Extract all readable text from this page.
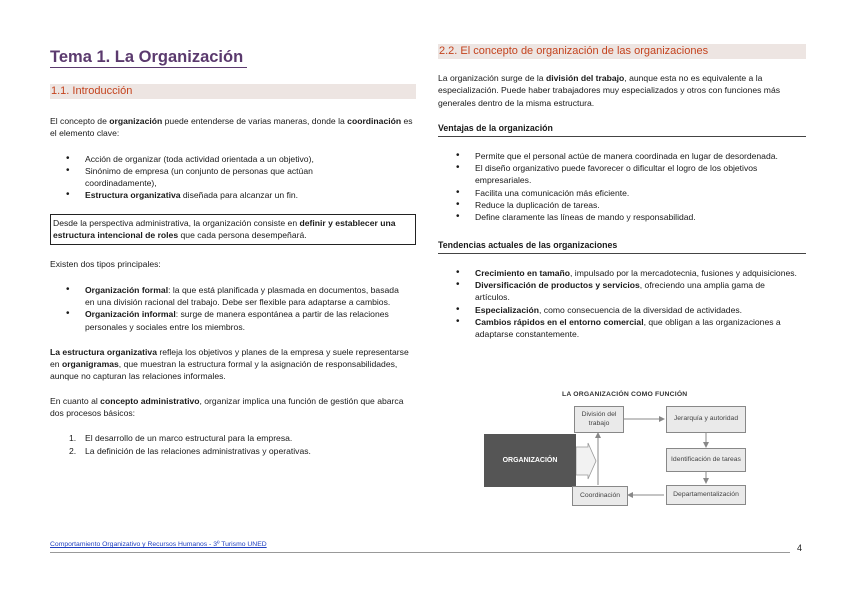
Tema 1. La Organización
1.1. Introducción

El concepto de organización puede entenderse de varias maneras, donde la coordinación es el elemento clave:

• Acción de organizar (toda actividad orientada a un objetivo),
• Sinónimo de empresa (un conjunto de personas que actúan coordinadamente),
• Estructura organizativa diseñada para alcanzar un fin.
Desde la perspectiva administrativa, la organización consiste en definir y establecer una estructura intencional de roles que cada persona desempeñará.

Existen dos tipos principales:

• Organización formal: la que está planificada y plasmada en documentos, basada en una división racional del trabajo. Debe ser flexible para adaptarse a cambios.
• Organización informal: surge de manera espontánea a partir de las relaciones personales y sociales entre los miembros.

La estructura organizativa refleja los objetivos y planes de la empresa y suele representarse en organigramas, que muestran la estructura formal y la asignación de responsabilidades, aunque no capturan las relaciones informales.

En cuanto al concepto administrativo, organizar implica una función de gestión que abarca dos procesos básicos:

1. El desarrollo de un marco estructural para la empresa.
2. La definición de las relaciones administrativas y operativas.
2.2. El concepto de organización de las organizaciones

La organización surge de la división del trabajo, aunque esta no es equivalente a la especialización. Puede haber trabajadores muy especializados y otros con funciones más generales dentro de la misma estructura.

Ventajas de la organización
• Permite que el personal actúe de manera coordinada en lugar de desordenada.
• El diseño organizativo puede favorecer o dificultar el logro de los objetivos empresariales.
• Facilita una comunicación más eficiente.
• Reduce la duplicación de tareas.
• Define claramente las líneas de mando y responsabilidad.
Tendencias actuales de las organizaciones
• Crecimiento en tamaño, impulsado por la mercadotecnia, fusiones y adquisiciones.
• Diversificación de productos y servicios, ofreciendo una amplia gama de artículos.
• Especialización, como consecuencia de la diversidad de actividades.
• Cambios rápidos en el entorno comercial, que obligan a las organizaciones a adaptarse constantemente.
LA ORGANIZACIÓN COMO FUNCIÓN
ORGANIZACIÓN
División del trabajo
Jerarquía y autoridad
Identificación de tareas
Coordinación	Departamentalización
Comportamiento Organizativo y Recursos Humanos - 3º Turismo UNED	4
